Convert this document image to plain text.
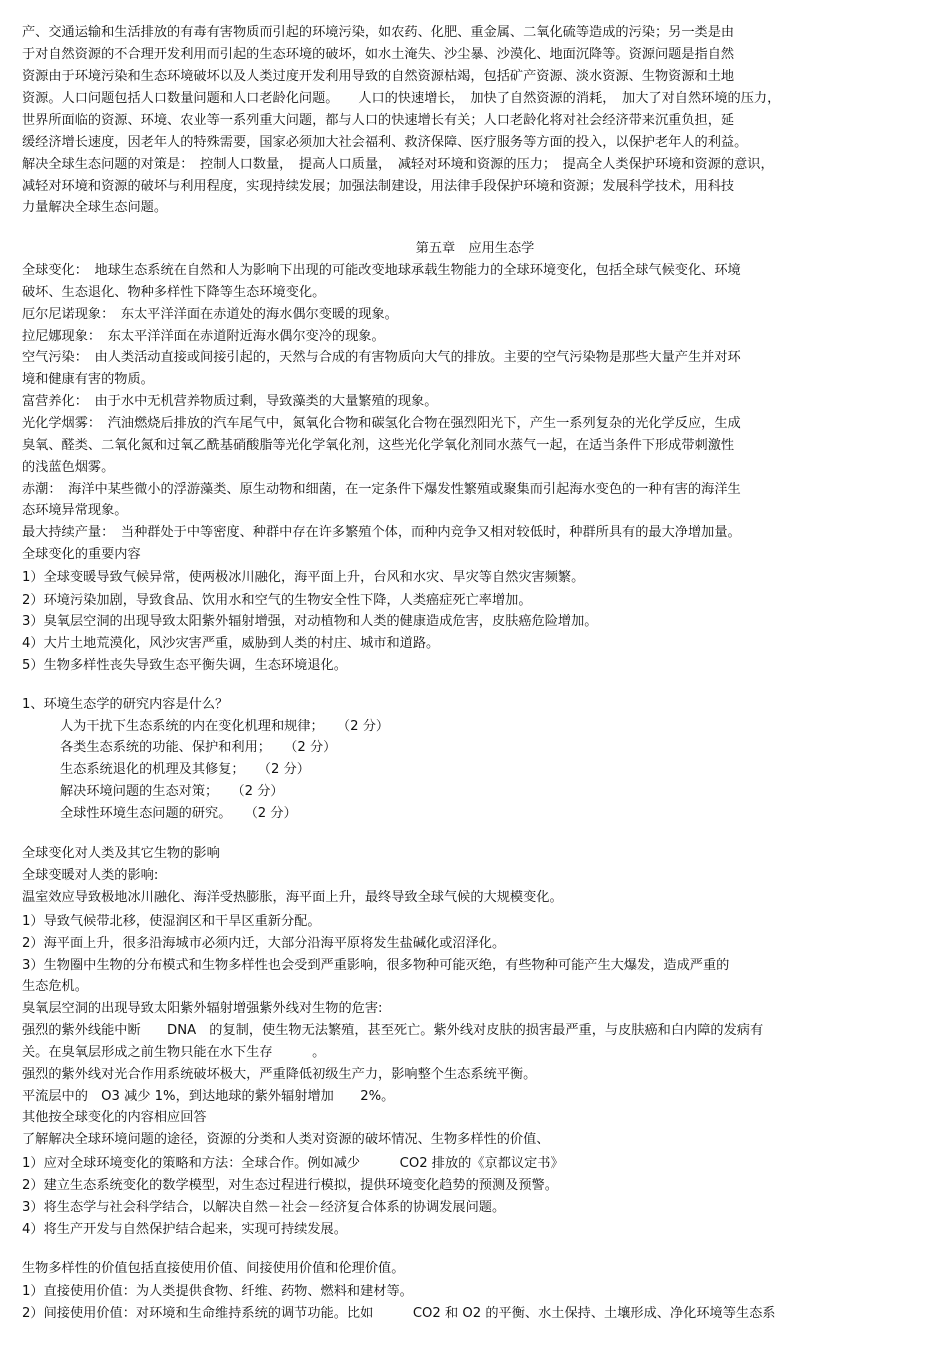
产、交通运输和生活排放的有毒有害物质而引起的环境污染，如农药、化肥、重金属、二氧化硫等造成的污染；另一类是由
于对自然资源的不合理开发利用而引起的生态环境的破坏，如水土淹失、沙尘暴、沙漠化、地面沉降等。资源问题是指自然
资源由于环境污染和生态环境破坏以及人类过度开发利用导致的自然资源枯竭，包括矿产资源、淡水资源、生物资源和土地
资源。人口问题包括人口数量问题和人口老龄化问题。　　人口的快速增长，　加快了自然资源的消耗，　加大了对自然环境的压力，
世界所面临的资源、环境、农业等一系列重大问题，都与人口的快速增长有关；人口老龄化将对社会经济带来沉重负担，延
缓经济增长速度，因老年人的特殊需要，国家必须加大社会福利、救济保障、医疗服务等方面的投入，以保护老年人的利益。
解决全球生态问题的对策是：　控制人口数量，　提高人口质量，　减轻对环境和资源的压力；　提高全人类保护环境和资源的意识，
减轻对环境和资源的破坏与利用程度，实现持续发展；加强法制建设，用法律手段保护环境和资源；发展科学技术，用科技
力量解决全球生态问题。
第五章　应用生态学
全球变化：　地球生态系统在自然和人为影响下出现的可能改变地球承载生物能力的全球环境变化，包括全球气候变化、环境
破坏、生态退化、物种多样性下降等生态环境变化。
厄尔尼诺现象：　东太平洋洋面在赤道处的海水偶尔变暖的现象。
拉尼娜现象：　东太平洋洋面在赤道附近海水偶尔变冷的现象。
空气污染：　由人类活动直接或间接引起的，天然与合成的有害物质向大气的排放。主要的空气污染物是那些大量产生并对环
境和健康有害的物质。
富营养化：　由于水中无机营养物质过剩，导致藻类的大量繁殖的现象。
光化学烟雾：　汽油燃烧后排放的汽车尾气中，氮氧化合物和碳氢化合物在强烈阳光下，产生一系列复杂的光化学反应，生成
臭氧、醛类、二氧化氮和过氧乙酰基硝酸脂等光化学氧化剂，这些光化学氧化剂同水蒸气一起，在适当条件下形成带刺激性
的浅蓝色烟雾。
赤潮：　海洋中某些微小的浮游藻类、原生动物和细菌，在一定条件下爆发性繁殖或聚集而引起海水变色的一种有害的海洋生
态环境异常现象。
最大持续产量：　当种群处于中等密度、种群中存在许多繁殖个体，而种内竞争又相对较低时，种群所具有的最大净增加量。
全球变化的重要内容
1）全球变暖导致气候异常，使两极冰川融化，海平面上升，台风和水灾、旱灾等自然灾害频繁。
2）环境污染加剧，导致食品、饮用水和空气的生物安全性下降，人类癌症死亡率增加。
3）臭氧层空洞的出现导致太阳紫外辐射增强，对动植物和人类的健康造成危害，皮肤癌危险增加。
4）大片土地荒漠化，风沙灾害严重，威胁到人类的村庄、城市和道路。
5）生物多样性丧失导致生态平衡失调，生态环境退化。
1、环境生态学的研究内容是什么？
人为干扰下生态系统的内在变化机理和规律；　　（2 分）
各类生态系统的功能、保护和利用；　　（2 分）
生态系统退化的机理及其修复；　　（2 分）
解决环境问题的生态对策；　　（2 分）
全球性环境生态问题的研究。　　（2 分）
全球变化对人类及其它生物的影响
全球变暖对人类的影响:
温室效应导致极地冰川融化、海洋受热膨胀，海平面上升，最终导致全球气候的大规模变化。
1）导致气候带北移，使湿润区和干旱区重新分配。
2）海平面上升，很多沿海城市必须内迁，大部分沿海平原将发生盐碱化或沼泽化。
3）生物圈中生物的分布模式和生物多样性也会受到严重影响，很多物种可能灭绝，有些物种可能产生大爆发，造成严重的
生态危机。
臭氧层空洞的出现导致太阳紫外辐射增强紫外线对生物的危害:
强烈的紫外线能中断　　DNA　的复制，使生物无法繁殖，甚至死亡。紫外线对皮肤的损害最严重，与皮肤癌和白内障的发病有
关。在臭氧层形成之前生物只能在水下生存　　　。
强烈的紫外线对光合作用系统破坏极大，严重降低初级生产力，影响整个生态系统平衡。
平流层中的　O3 减少 1%，到达地球的紫外辐射增加　　2%。
其他按全球变化的内容相应回答
了解解决全球环境问题的途径，资源的分类和人类对资源的破坏情况、生物多样性的价值、
1）应对全球环境变化的策略和方法：全球合作。例如减少　　　CO2 排放的《京都议定书》
2）建立生态系统变化的数学模型，对生态过程进行模拟，提供环境变化趋势的预测及预警。
3）将生态学与社会科学结合，以解决自然－社会－经济复合体系的协调发展问题。
4）将生产开发与自然保护结合起来，实现可持续发展。
生物多样性的价值包括直接使用价值、间接使用价值和伦理价值。
1）直接使用价值：为人类提供食物、纤维、药物、燃料和建材等。
2）间接使用价值：对环境和生命维持系统的调节功能。比如　　　CO2 和 O2 的平衡、水土保持、土壤形成、净化环境等生态系
